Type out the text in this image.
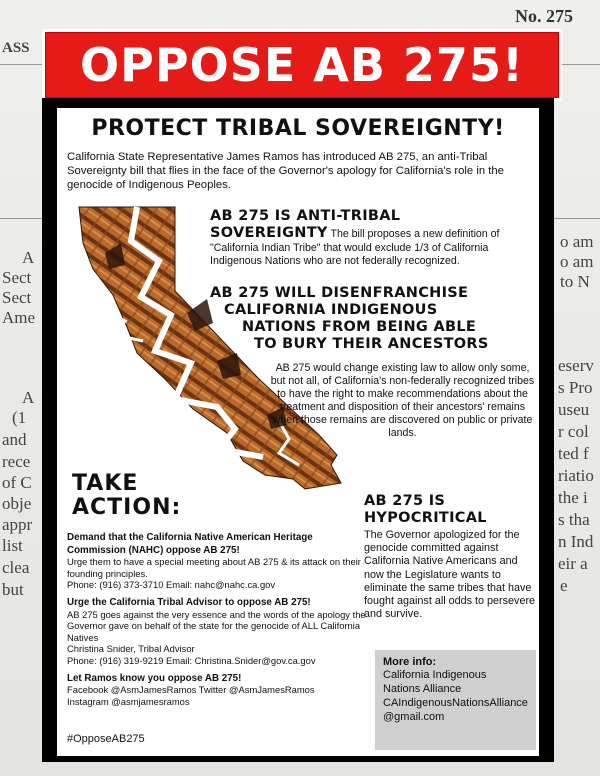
No. 275
ASS
A
Sect
Sect
Ame
A
(1
and
rece
of C
obje
appr
list
clea
but
o am
o am
to N
eserv
s Pro
useu
r col
ted f
riatio
the i
s tha
n Ind
eir a
e
OPPOSE AB 275!
PROTECT TRIBAL SOVEREIGNTY!
California State Representative James Ramos has introduced AB 275, an anti-Tribal Sovereignty bill that flies in the face of the Governor's apology for California's role in the genocide of Indigenous Peoples.
AB 275 IS ANTI-TRIBAL
SOVEREIGNTY The bill proposes a new definition of "California Indian Tribe" that would exclude 1/3 of California Indigenous Nations who are not federally recognized.
AB 275 WILL DISENFRANCHISE
CALIFORNIA INDIGENOUS
NATIONS FROM BEING ABLE
TO BURY THEIR ANCESTORS
AB 275 would change existing law to allow only some, but not all, of California's non-federally recognized tribes to have the right to make recommendations about the treatment and disposition of their ancestors' remains when those remains are discovered on public or private lands.
TAKE
ACTION:	AB 275 IS
HYPOCRITICAL
The Governor apologized for the genocide committed against California Native Americans and now the Legislature wants to eliminate the same tribes that have fought against all odds to persevere and survive.
Demand that the California Native American Heritage Commission (NAHC) oppose AB 275!
Urge them to have a special meeting about AB 275 & its attack on their founding principles.
Phone: (916) 373-3710 Email: nahc@nahc.ca.gov
Urge the California Tribal Advisor to oppose AB 275!
AB 275 goes against the very essence and the words of the apology the Governor gave on behalf of the state for the genocide of ALL California Natives
Christina Snider, Tribal Advisor
Phone: (916) 319-9219 Email: Christina.Snider@gov.ca.gov
Let Ramos know you oppose AB 275!
Facebook @AsmJamesRamos Twitter @AsmJamesRamos
Instagram @asmjamesramos
#OpposeAB275
More info:
California Indigenous
Nations Alliance
CAIndigenousNationsAlliance
@gmail.com
